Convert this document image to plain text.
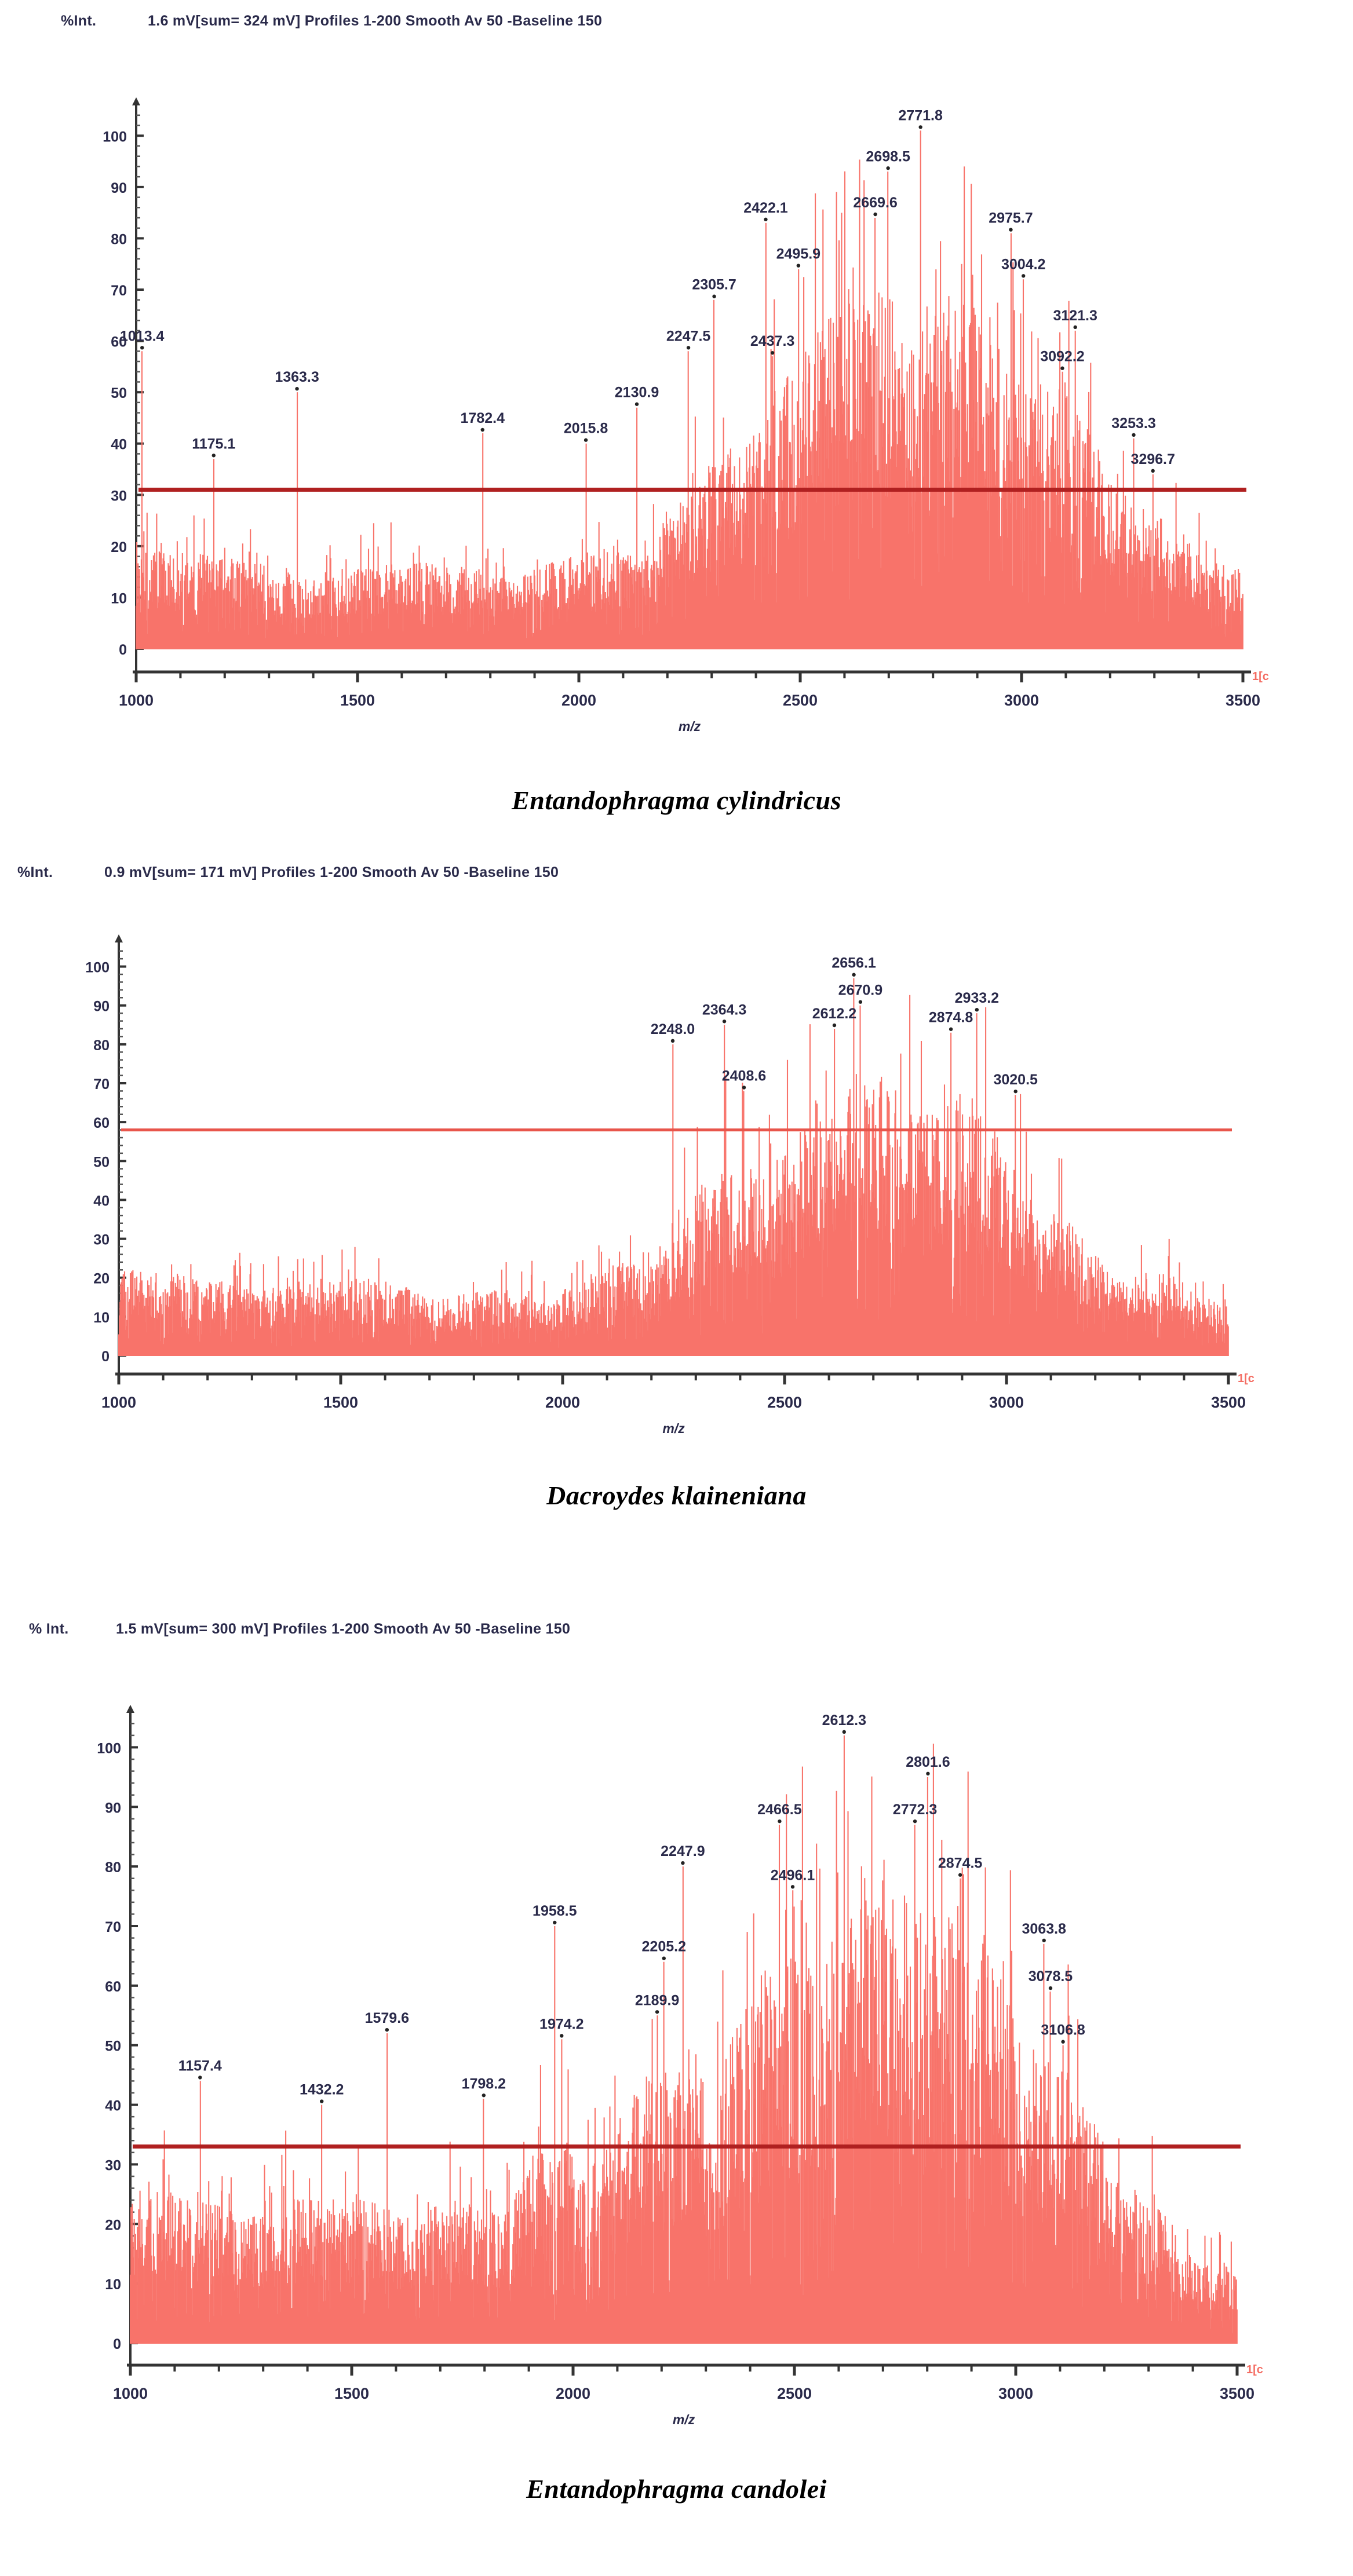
%Int.	1.6 mV[sum= 324 mV] Profiles 1-200 Smooth Av 50 -Baseline 150
0
10
20
30
40
50
60
70
80
90
100
1000	1500	2000	2500	3000	3500
m/z
1[c
1013.4
1175.1
1363.3
1782.4
2015.8
2130.9
2247.5
2305.7
2437.3
2422.1
2495.9
2669.6
2698.5
2771.8
2975.7
3004.2
3121.3
3092.2
3253.3
3296.7
Entandophragma cylindricus
%Int.	0.9 mV[sum= 171 mV] Profiles 1-200 Smooth Av 50 -Baseline 150
0
10
20
30
40
50
60
70
80
90
100
1000	1500	2000	2500	3000	3500
m/z
1[c
2248.0
2364.3
2408.6
2612.2
2656.1
2670.9
2874.8
2933.2
3020.5
Dacroydes klaineniana
% Int.	1.5 mV[sum= 300 mV] Profiles 1-200 Smooth Av 50 -Baseline 150
0
10
20
30
40
50
60
70
80
90
100
1000	1500	2000	2500	3000	3500
m/z
1[c
1157.4
1432.2
1579.6
1798.2
1958.5
1974.2
2189.9
2205.2
2247.9
2466.5
2496.1
2612.3
2772.3
2801.6
2874.5
3063.8
3078.5
3106.8
Entandophragma candolei
